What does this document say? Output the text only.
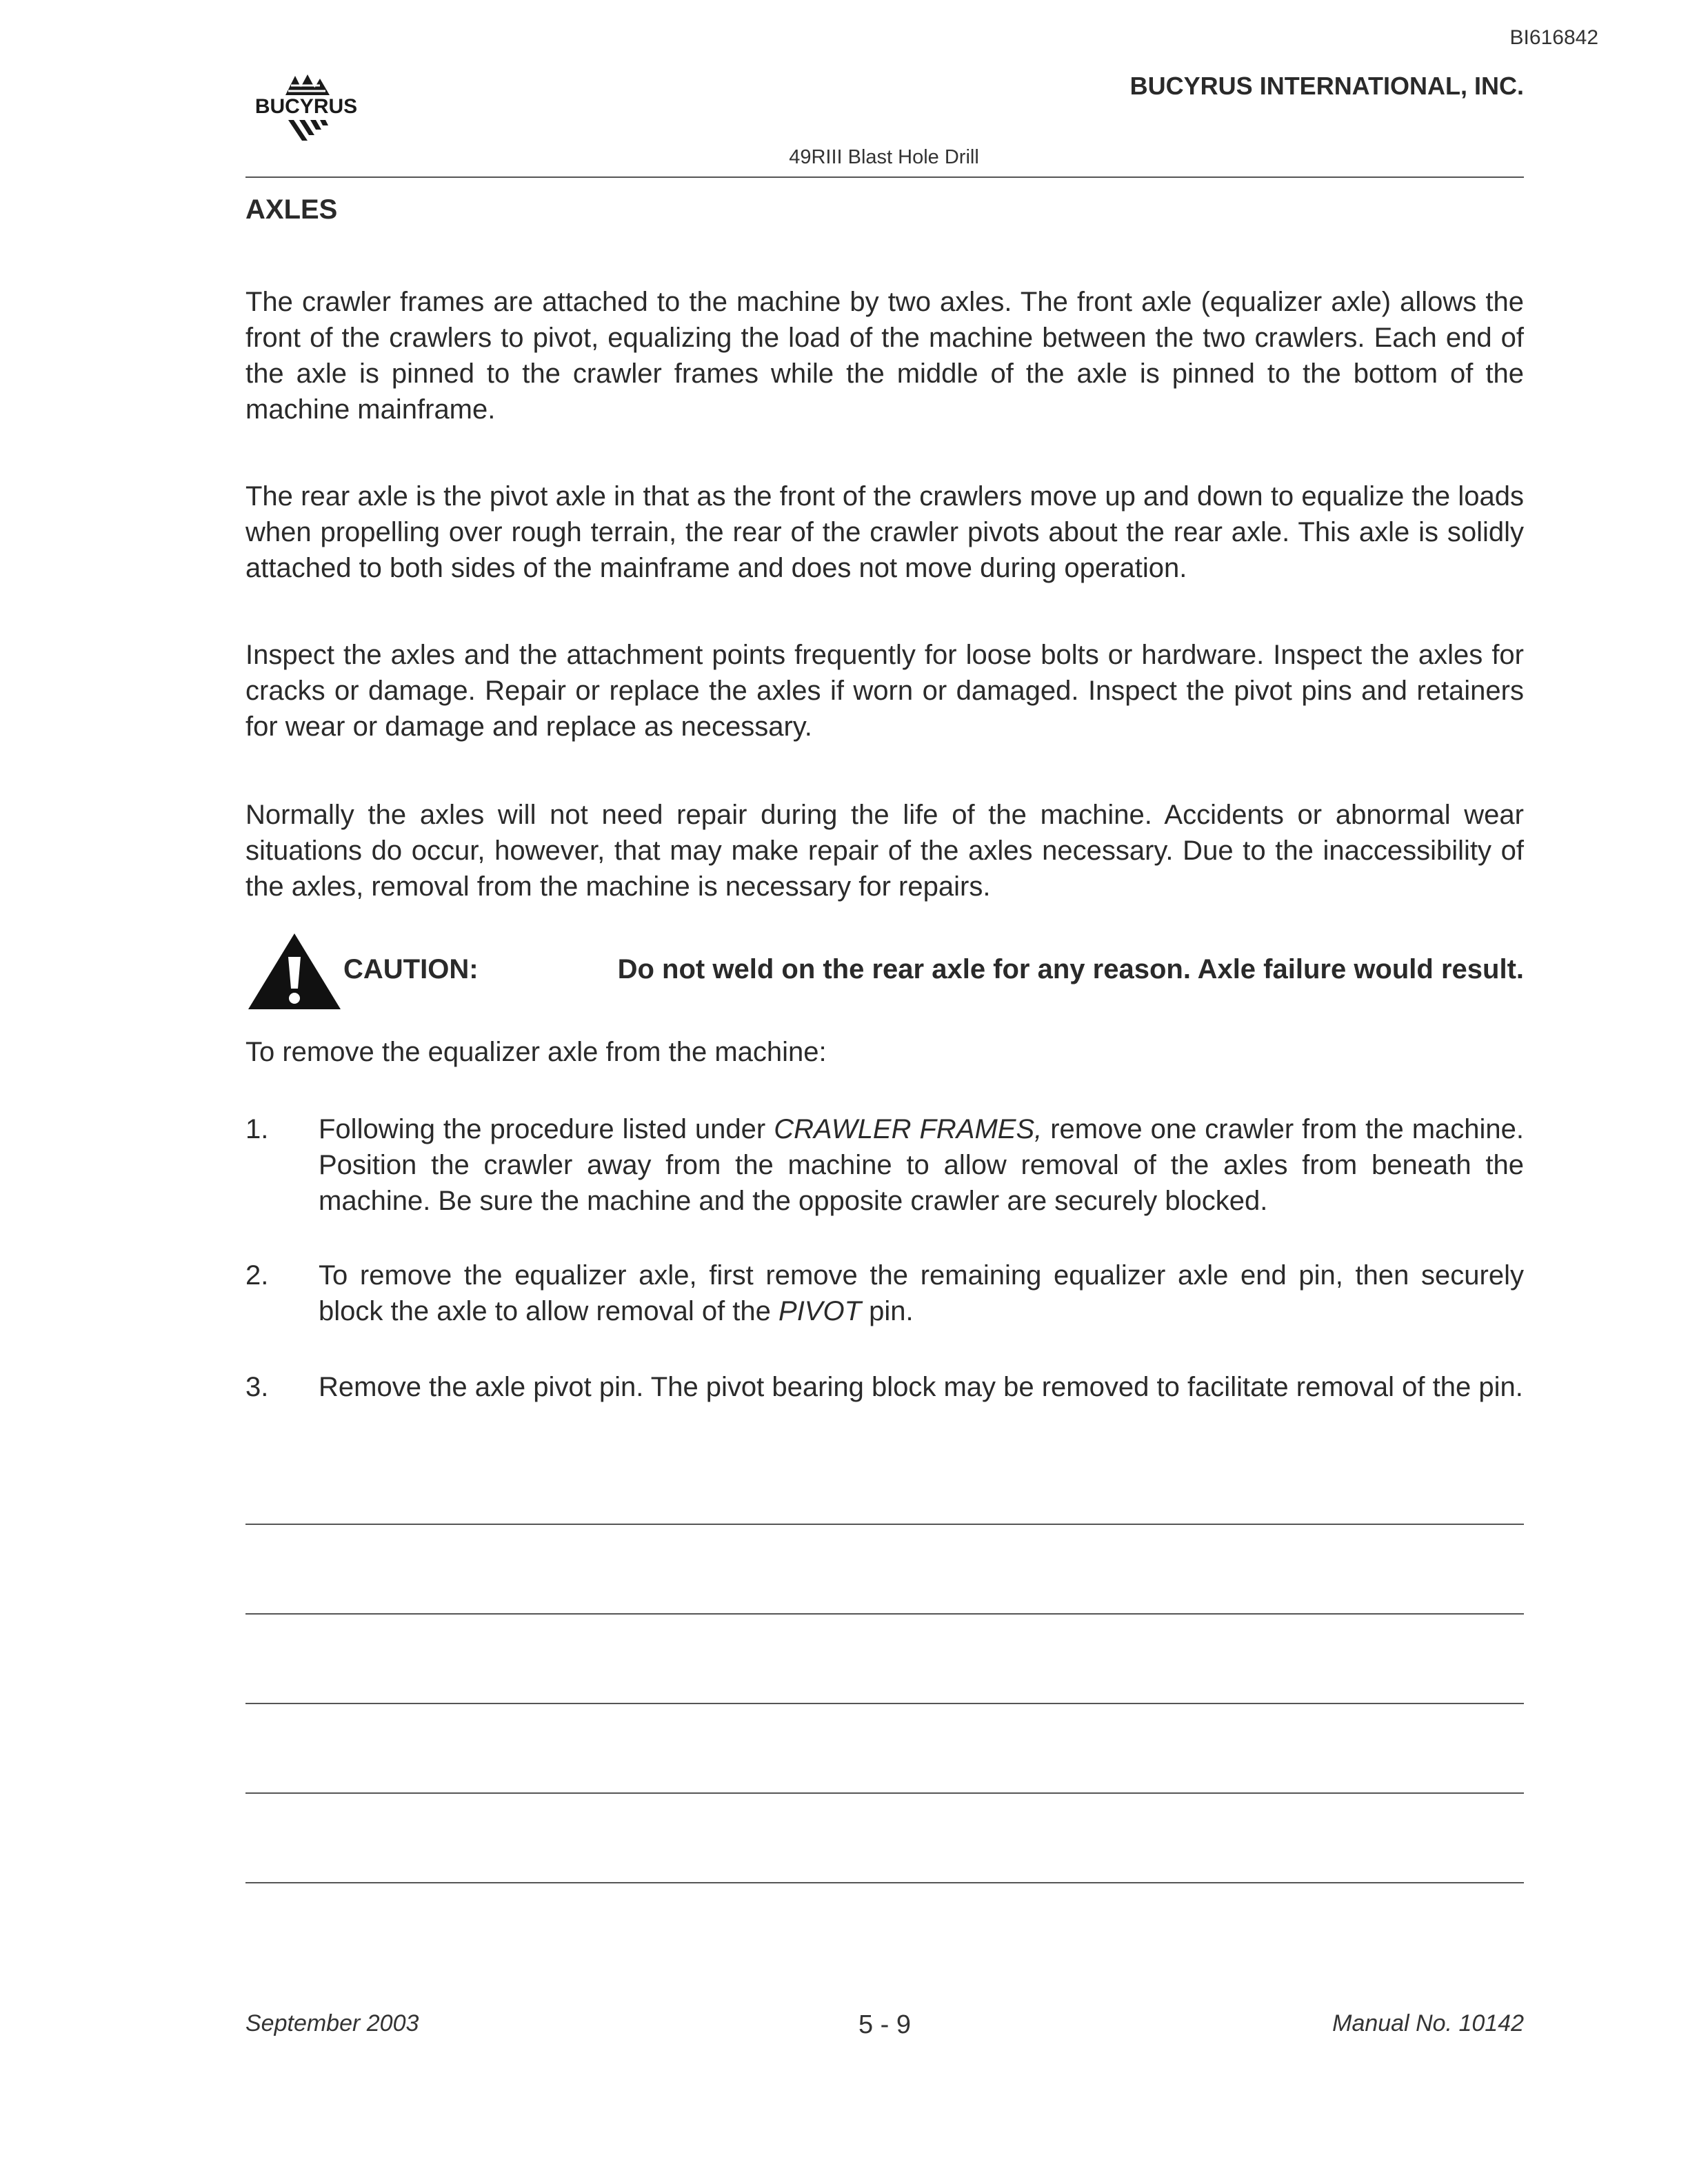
BI616842
BUCYRUS
BUCYRUS INTERNATIONAL, INC.
49RIII Blast Hole Drill
AXLES

The crawler frames are attached to the machine by two axles. The front axle (equalizer axle) allows the front of the crawlers to pivot, equalizing the load of the machine between the two crawlers. Each end of the axle is pinned to the crawler frames while the middle of the axle is pinned to the bottom of the machine mainframe.

The rear axle is the pivot axle in that as the front of the crawlers move up and down to equalize the loads when propelling over rough terrain, the rear of the crawler pivots about the rear axle. This axle is solidly attached to both sides of the mainframe and does not move during operation.

Inspect the axles and the attachment points frequently for loose bolts or hardware. Inspect the axles for cracks or damage. Repair or replace the axles if worn or damaged. Inspect the pivot pins and retainers for wear or damage and replace as necessary.

Normally the axles will not need repair during the life of the machine. Accidents or abnormal wear situations do occur, however, that may make repair of the axles necessary. Due to the inaccessibility of the axles, removal from the machine is necessary for repairs.

CAUTION:	Do not weld on the rear axle for any reason. Axle failure would result.
To remove the equalizer axle from the machine:
1. Following the procedure listed under CRAWLER FRAMES, remove one crawler from the machine. Position the crawler away from the machine to allow removal of the axles from beneath the machine. Be sure the machine and the opposite crawler are securely blocked.

2. To remove the equalizer axle, first remove the remaining equalizer axle end pin, then securely block the axle to allow removal of the PIVOT pin.

3. Remove the axle pivot pin. The pivot bearing block may be removed to facilitate removal of the pin.

September 2003	5 - 9	Manual No. 10142
